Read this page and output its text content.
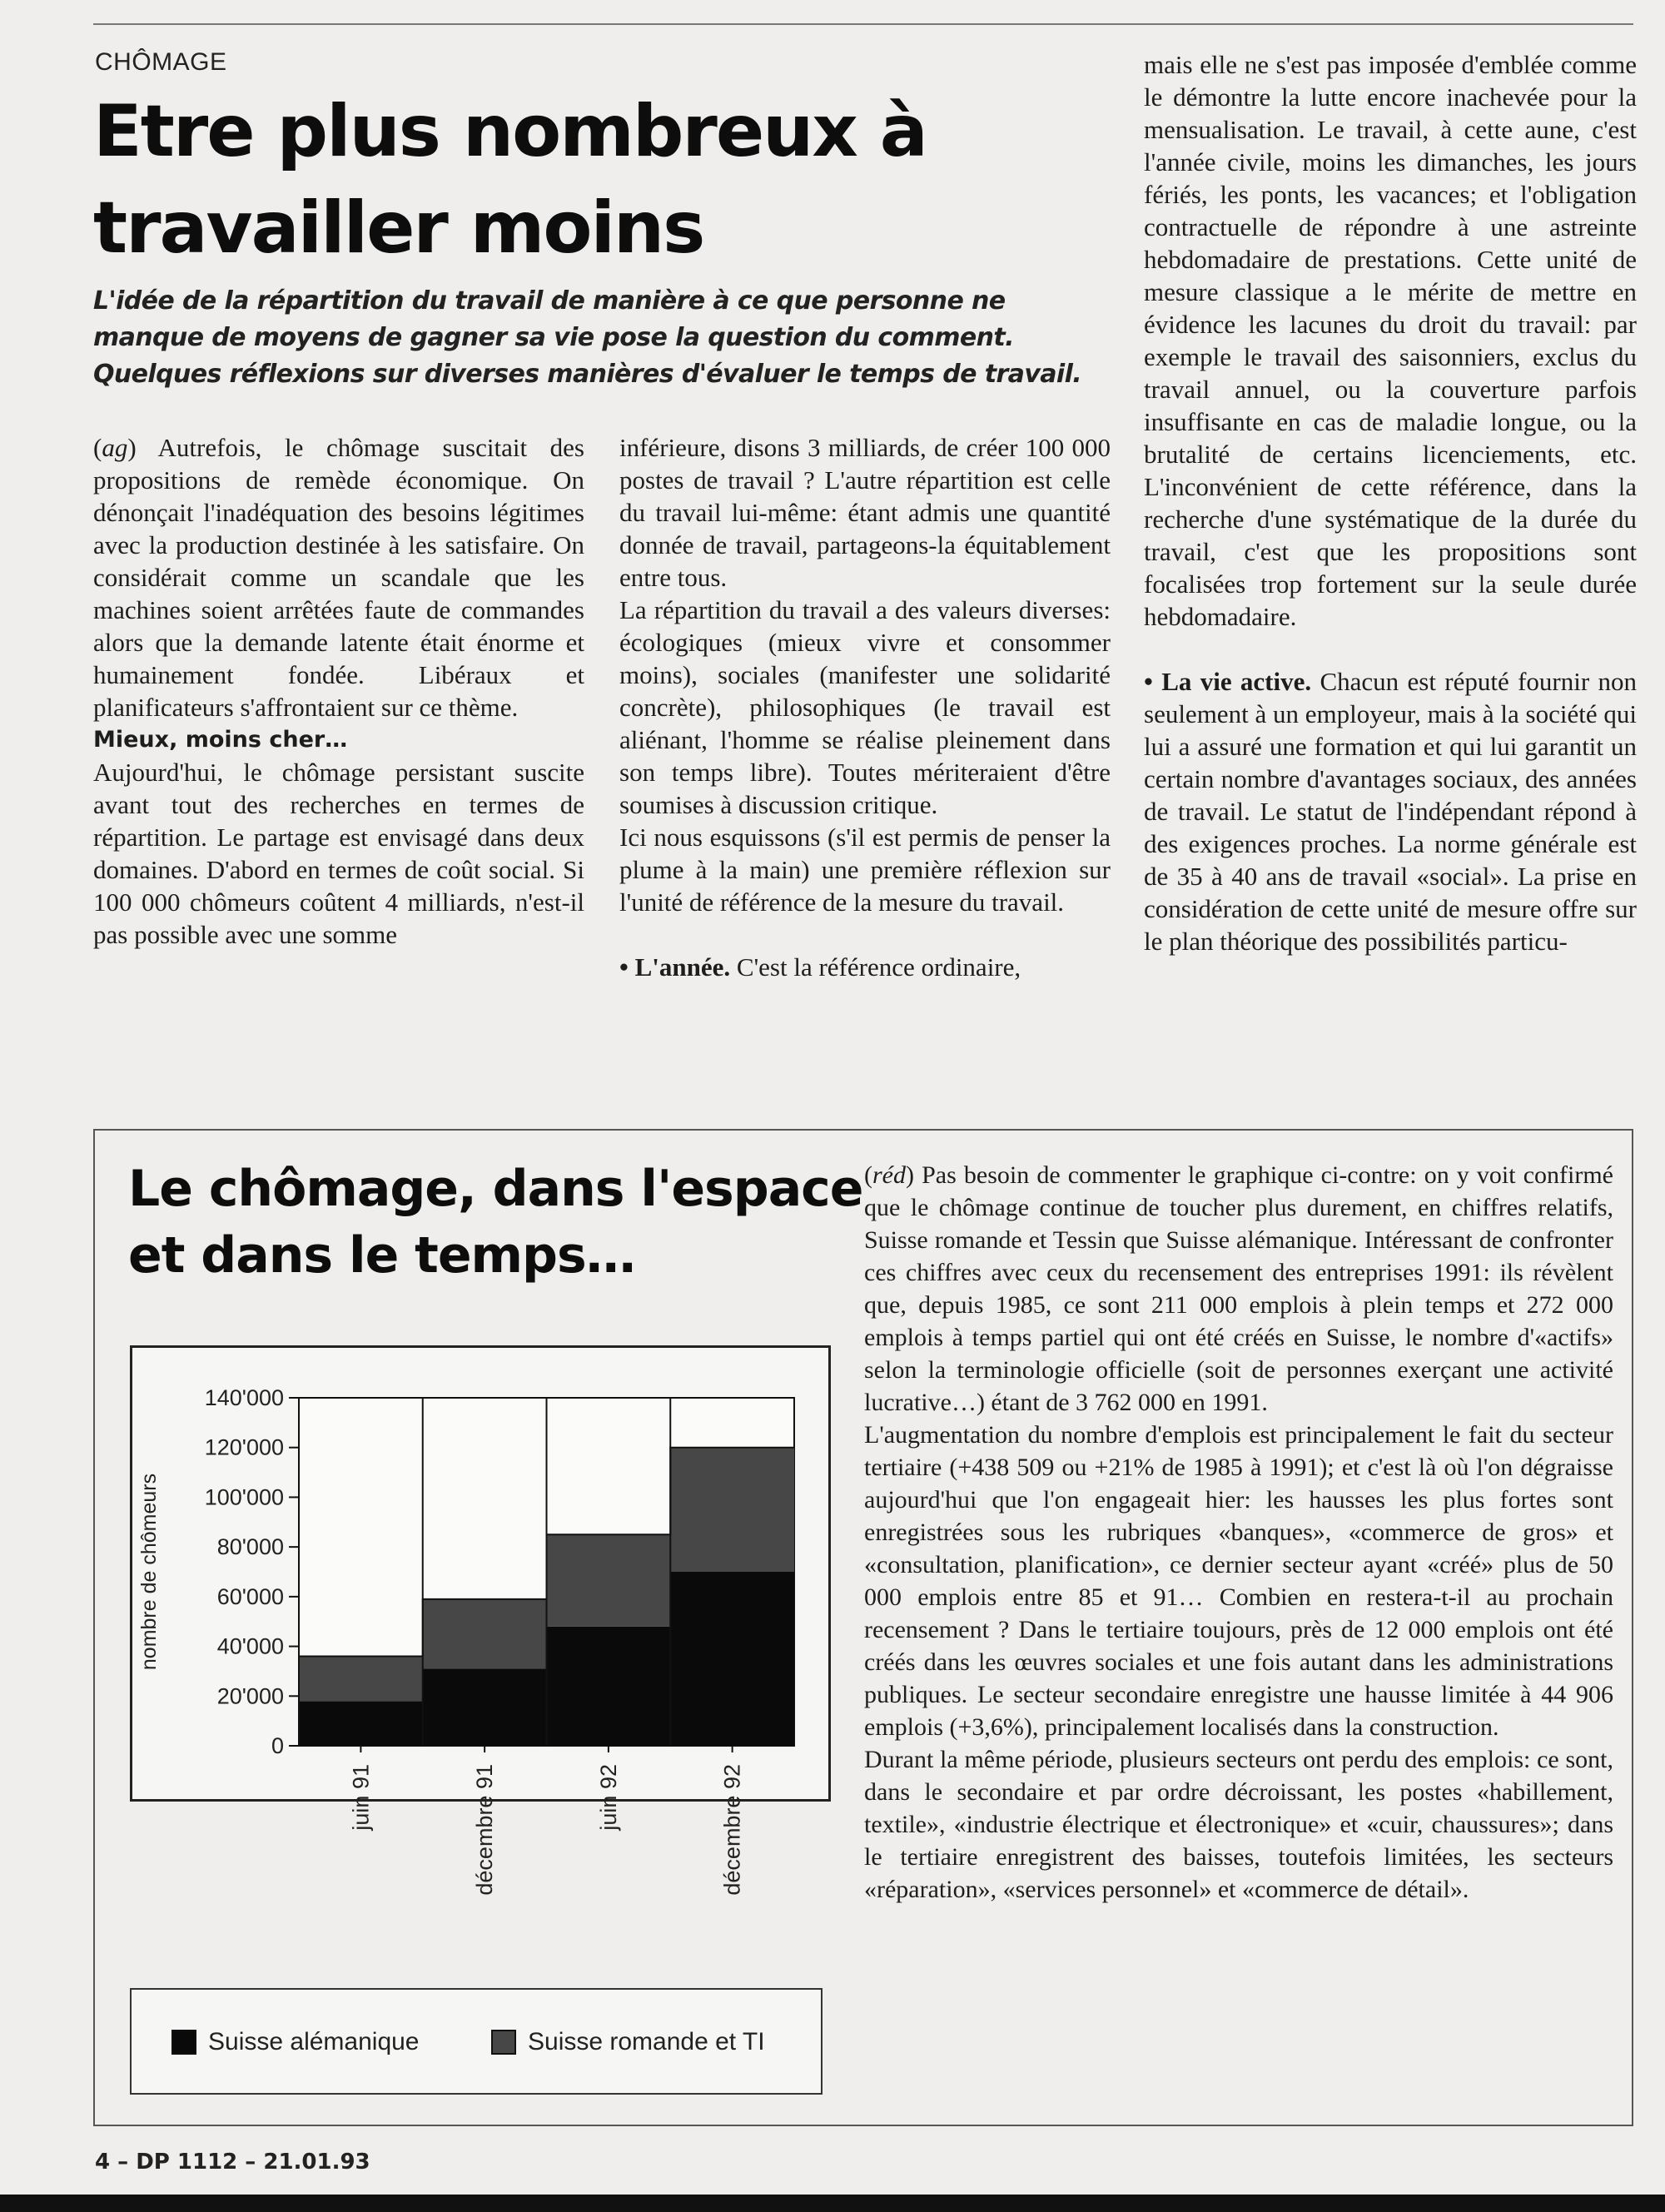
CHÔMAGE
Etre plus nombreux à
travailler moins

L'idée de la répartition du travail de manière à ce que personne ne manque de moyens de gagner sa vie pose la question du comment. Quelques réflexions sur diverses manières d'évaluer le temps de travail.

(ag) Autrefois, le chômage suscitait des propositions de remède économique. On dénonçait l'inadéquation des besoins légitimes avec la production destinée à les satisfaire. On considérait comme un scandale que les machines soient arrêtées faute de commandes alors que la demande latente était énorme et humainement fondée. Libéraux et planificateurs s'affrontaient sur ce thème.

Mieux, moins cher…

Aujourd'hui, le chômage persistant suscite avant tout des recherches en termes de répartition. Le partage est envisagé dans deux domaines. D'abord en termes de coût social. Si 100 000 chômeurs coûtent 4 milliards, n'est-il pas possible avec une somme

inférieure, disons 3 milliards, de créer 100 000 postes de travail ? L'autre répartition est celle du travail lui-même: étant admis une quantité donnée de travail, partageons-la équitablement entre tous.

La répartition du travail a des valeurs diverses: écologiques (mieux vivre et consommer moins), sociales (manifester une solidarité concrète), philosophiques (le travail est aliénant, l'homme se réalise pleinement dans son temps libre). Toutes mériteraient d'être soumises à discussion critique.

Ici nous esquissons (s'il est permis de penser la plume à la main) une première réflexion sur l'unité de référence de la mesure du travail.

• L'année. C'est la référence ordinaire,

mais elle ne s'est pas imposée d'emblée comme le démontre la lutte encore inachevée pour la mensualisation. Le travail, à cette aune, c'est l'année civile, moins les dimanches, les jours fériés, les ponts, les vacances; et l'obligation contractuelle de répondre à une astreinte hebdomadaire de prestations. Cette unité de mesure classique a le mérite de mettre en évidence les lacunes du droit du travail: par exemple le travail des saisonniers, exclus du travail annuel, ou la couverture parfois insuffisante en cas de maladie longue, ou la brutalité de certains licenciements, etc. L'inconvénient de cette référence, dans la recherche d'une systématique de la durée du travail, c'est que les propositions sont focalisées trop fortement sur la seule durée hebdomadaire.

• La vie active. Chacun est réputé fournir non seulement à un employeur, mais à la société qui lui a assuré une formation et qui lui garantit un certain nombre d'avantages sociaux, des années de travail. Le statut de l'indépendant répond à des exigences proches. La norme générale est de 35 à 40 ans de travail «social». La prise en considération de cette unité de mesure offre sur le plan théorique des possibilités particu-

Le chômage, dans l'espace
et dans le temps…
0
20'000
40'000
60'000
80'000
100'000
120'000
140'000
juin 91	décembre 91	juin 92	décembre 92
nombre de chômeurs
Suisse alémanique	Suisse romande et TI

(réd) Pas besoin de commenter le graphique ci-contre: on y voit confirmé que le chômage continue de toucher plus durement, en chiffres relatifs, Suisse romande et Tessin que Suisse alémanique. Intéressant de confronter ces chiffres avec ceux du recensement des entreprises 1991: ils révèlent que, depuis 1985, ce sont 211 000 emplois à plein temps et 272 000 emplois à temps partiel qui ont été créés en Suisse, le nombre d'«actifs» selon la terminologie officielle (soit de personnes exerçant une activité lucrative…) étant de 3 762 000 en 1991.

L'augmentation du nombre d'emplois est principalement le fait du secteur tertiaire (+438 509 ou +21% de 1985 à 1991); et c'est là où l'on dégraisse aujourd'hui que l'on engageait hier: les hausses les plus fortes sont enregistrées sous les rubriques «banques», «commerce de gros» et «consultation, planification», ce dernier secteur ayant «créé» plus de 50 000 emplois entre 85 et 91… Combien en restera-t-il au prochain recensement ? Dans le tertiaire toujours, près de 12 000 emplois ont été créés dans les œuvres sociales et une fois autant dans les administrations publiques. Le secteur secondaire enregistre une hausse limitée à 44 906 emplois (+3,6%), principalement localisés dans la construction.

Durant la même période, plusieurs secteurs ont perdu des emplois: ce sont, dans le secondaire et par ordre décroissant, les postes «habillement, textile», «industrie électrique et électronique» et «cuir, chaussures»; dans le tertiaire enregistrent des baisses, toutefois limitées, les secteurs «réparation», «services personnel» et «commerce de détail».

4 – DP 1112 – 21.01.93
